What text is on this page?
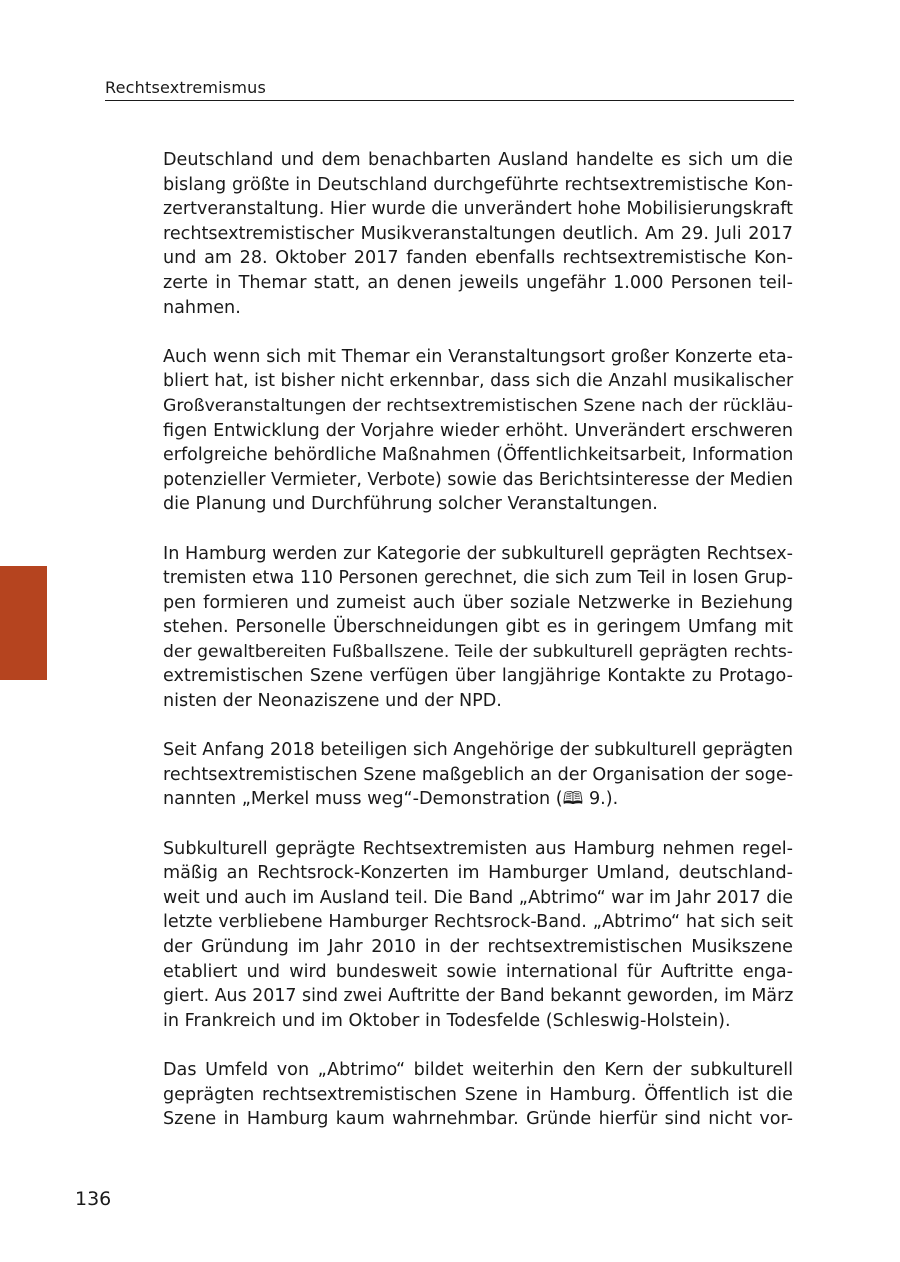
Rechtsextremismus

Deutschland und dem benachbarten Ausland handelte es sich um die
bislang größte in Deutschland durchgeführte rechtsextremistische Kon-
zertveranstaltung. Hier wurde die unverändert hohe Mobilisierungskraft
rechtsextremistischer Musikveranstaltungen deutlich. Am 29. Juli 2017
und am 28. Oktober 2017 fanden ebenfalls rechtsextremistische Kon-
zerte in Themar statt, an denen jeweils ungefähr 1.000 Personen teil-
nahmen.

Auch wenn sich mit Themar ein Veranstaltungsort großer Konzerte eta-
bliert hat, ist bisher nicht erkennbar, dass sich die Anzahl musikalischer
Großveranstaltungen der rechtsextremistischen Szene nach der rückläu-
figen Entwicklung der Vorjahre wieder erhöht. Unverändert erschweren
erfolgreiche behördliche Maßnahmen (Öffentlichkeitsarbeit, Information
potenzieller Vermieter, Verbote) sowie das Berichtsinteresse der Medien
die Planung und Durchführung solcher Veranstaltungen.

In Hamburg werden zur Kategorie der subkulturell geprägten Rechtsex-
tremisten etwa 110 Personen gerechnet, die sich zum Teil in losen Grup-
pen formieren und zumeist auch über soziale Netzwerke in Beziehung
stehen. Personelle Überschneidungen gibt es in geringem Umfang mit
der gewaltbereiten Fußballszene. Teile der subkulturell geprägten rechts-
extremistischen Szene verfügen über langjährige Kontakte zu Protago-
nisten der Neonaziszene und der NPD.

Seit Anfang 2018 beteiligen sich Angehörige der subkulturell geprägten
rechtsextremistischen Szene maßgeblich an der Organisation der soge-
nannten „Merkel muss weg“-Demonstration (🕮 9.).

Subkulturell geprägte Rechtsextremisten aus Hamburg nehmen regel-
mäßig an Rechtsrock-Konzerten im Hamburger Umland, deutschland-
weit und auch im Ausland teil. Die Band „Abtrimo“ war im Jahr 2017 die
letzte verbliebene Hamburger Rechtsrock-Band. „Abtrimo“ hat sich seit
der Gründung im Jahr 2010 in der rechtsextremistischen Musikszene
etabliert und wird bundesweit sowie international für Auftritte enga-
giert. Aus 2017 sind zwei Auftritte der Band bekannt geworden, im März
in Frankreich und im Oktober in Todesfelde (Schleswig-Holstein).

Das Umfeld von „Abtrimo“ bildet weiterhin den Kern der subkulturell
geprägten rechtsextremistischen Szene in Hamburg. Öffentlich ist die
Szene in Hamburg kaum wahrnehmbar. Gründe hierfür sind nicht vor-

136
